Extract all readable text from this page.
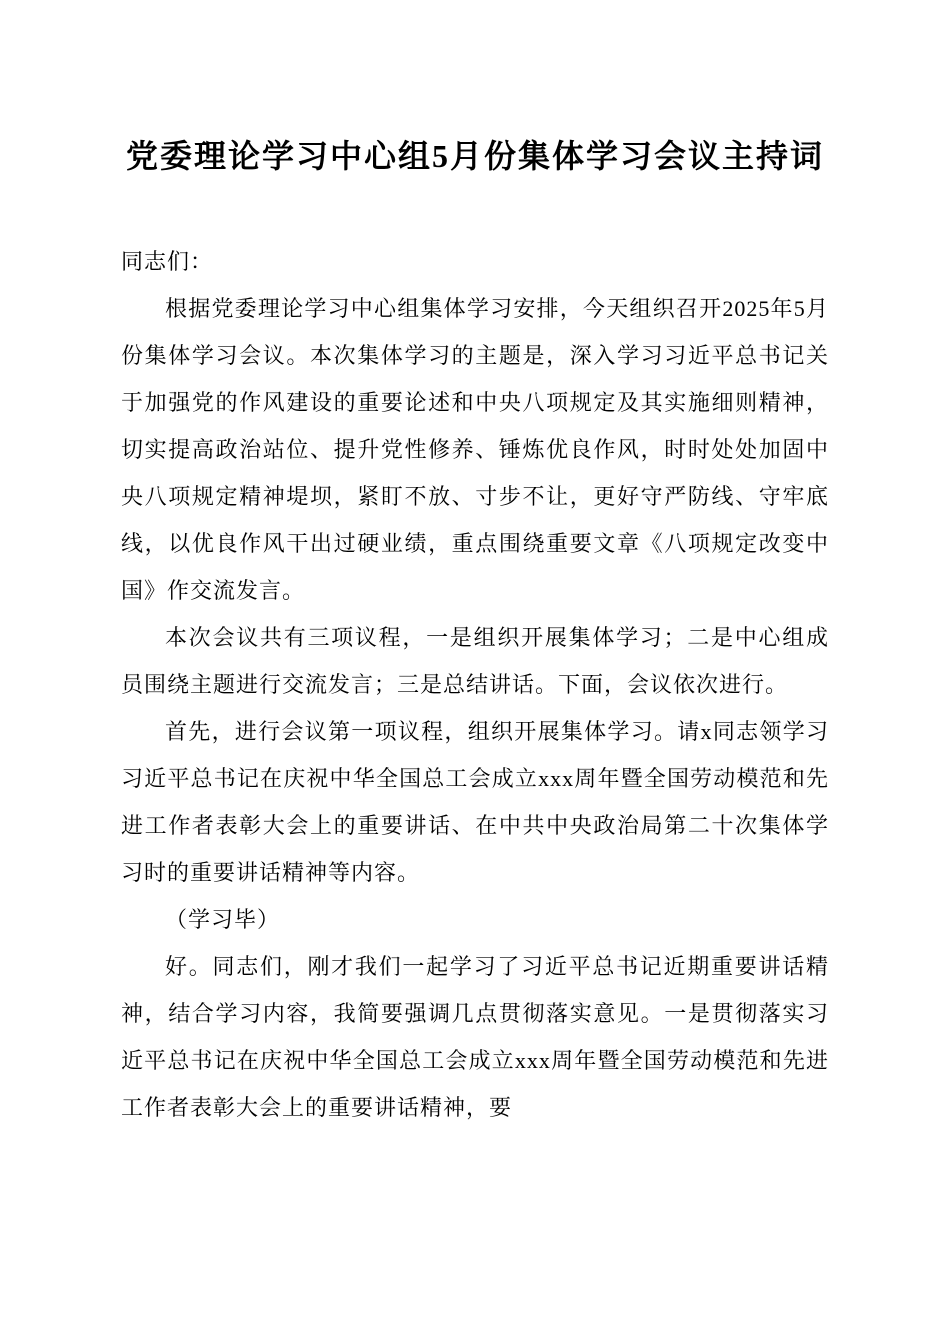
党委理论学习中心组5月份集体学习会议主持词

同志们：

根据党委理论学习中心组集体学习安排，今天组织召开2025年5月份集体学习会议。本次集体学习的主题是，深入学习习近平总书记关于加强党的作风建设的重要论述和中央八项规定及其实施细则精神，切实提高政治站位、提升党性修养、锤炼优良作风，时时处处加固中央八项规定精神堤坝，紧盯不放、寸步不让，更好守严防线、守牢底线，以优良作风干出过硬业绩，重点围绕重要文章《八项规定改变中国》作交流发言。

本次会议共有三项议程，一是组织开展集体学习；二是中心组成员围绕主题进行交流发言；三是总结讲话。下面，会议依次进行。

首先，进行会议第一项议程，组织开展集体学习。请x同志领学习习近平总书记在庆祝中华全国总工会成立xxx周年暨全国劳动模范和先进工作者表彰大会上的重要讲话、在中共中央政治局第二十次集体学习时的重要讲话精神等内容。

（学习毕）

好。同志们，刚才我们一起学习了习近平总书记近期重要讲话精神，结合学习内容，我简要强调几点贯彻落实意见。一是贯彻落实习近平总书记在庆祝中华全国总工会成立xxx周年暨全国劳动模范和先进工作者表彰大会上的重要讲话精神，要
